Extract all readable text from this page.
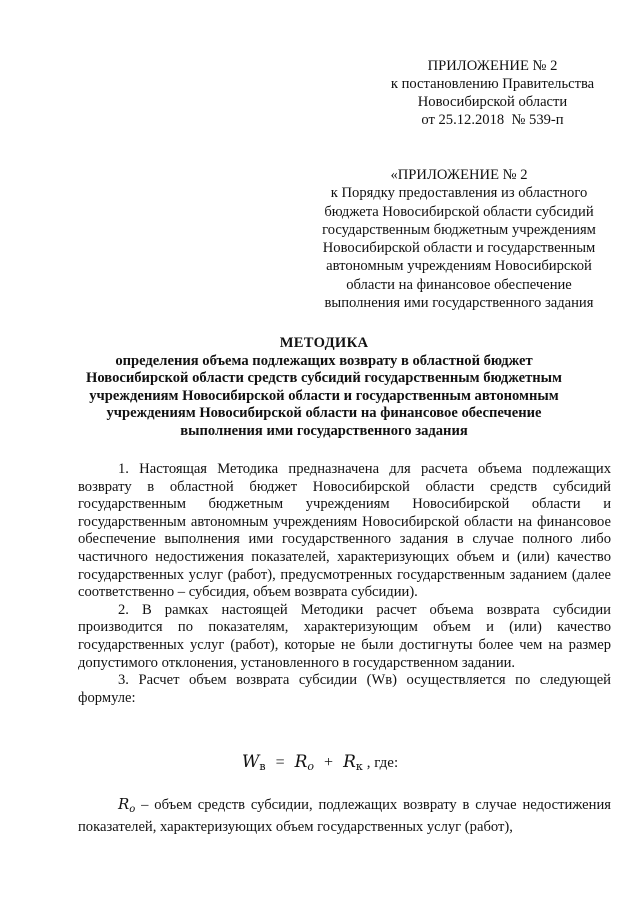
ПРИЛОЖЕНИЕ № 2
к постановлению Правительства
Новосибирской области
от 25.12.2018  № 539-п
«ПРИЛОЖЕНИЕ № 2
к Порядку предоставления из областного
бюджета Новосибирской области субсидий
государственным бюджетным учреждениям
Новосибирской области и государственным
автономным учреждениям Новосибирской
области на финансовое обеспечение
выполнения ими государственного задания
МЕТОДИКА
определения объема подлежащих возврату в областной бюджет
Новосибирской области средств субсидий государственным бюджетным
учреждениям Новосибирской области и государственным автономным
учреждениям Новосибирской области на финансовое обеспечение
выполнения ими государственного задания

1. Настоящая Методика предназначена для расчета объема подлежащих возврату в областной бюджет Новосибирской области средств субсидий государственным бюджетным учреждениям Новосибирской области и государственным автономным учреждениям Новосибирской области на финансовое обеспечение выполнения ими государственного задания в случае полного либо частичного недостижения показателей, характеризующих объем и (или) качество государственных услуг (работ), предусмотренных государственным заданием (далее соответственно – субсидия, объем возврата субсидии).

2. В рамках настоящей Методики расчет объема возврата субсидии производится по показателям, характеризующим объем и (или) качество государственных услуг (работ), которые не были достигнуты более чем на размер допустимого отклонения, установленного в государственном задании.

3. Расчет объем возврата субсидии (Wв) осуществляется по следующей формуле:

$W_в = R_o + R_к$ , где:

$R_o$ – объем средств субсидии, подлежащих возврату в случае недостижения показателей, характеризующих объем государственных услуг (работ),
